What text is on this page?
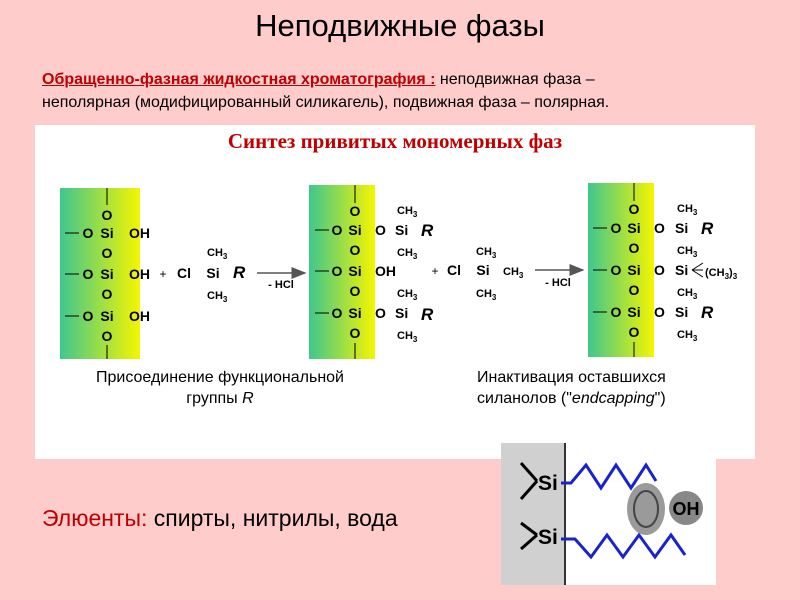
Неподвижные фазы
Обращенно-фазная жидкостная хроматография : неподвижная фаза –
неполярная (модифицированный силикагель), подвижная фаза – полярная.
Синтез привитых мономерных фаз
O
O Si OH
O
O Si OH
O
O Si OH
O
+ Cl Si
$CH_3$
$CH_3$
R
- HCl
O
O Si O Si
$CH_3$
$CH_3$
R
O
O Si OH
O
O Si O Si
$CH_3$
$CH_3$
R
O
+ Cl Si
$CH_3$
$CH_3$
$CH_3$
- HCl
O
O Si O Si
$CH_3$
$CH_3$
R
O
O Si O Si $(CH_3)_3$
O
O Si O Si
$CH_3$
$CH_3$
R
O
Присоединение функциональной
группы R
Инактивация оставшихся
силанолов ("endcapping")
Элюенты: спирты, нитрилы, вода
Si
Si
OH
